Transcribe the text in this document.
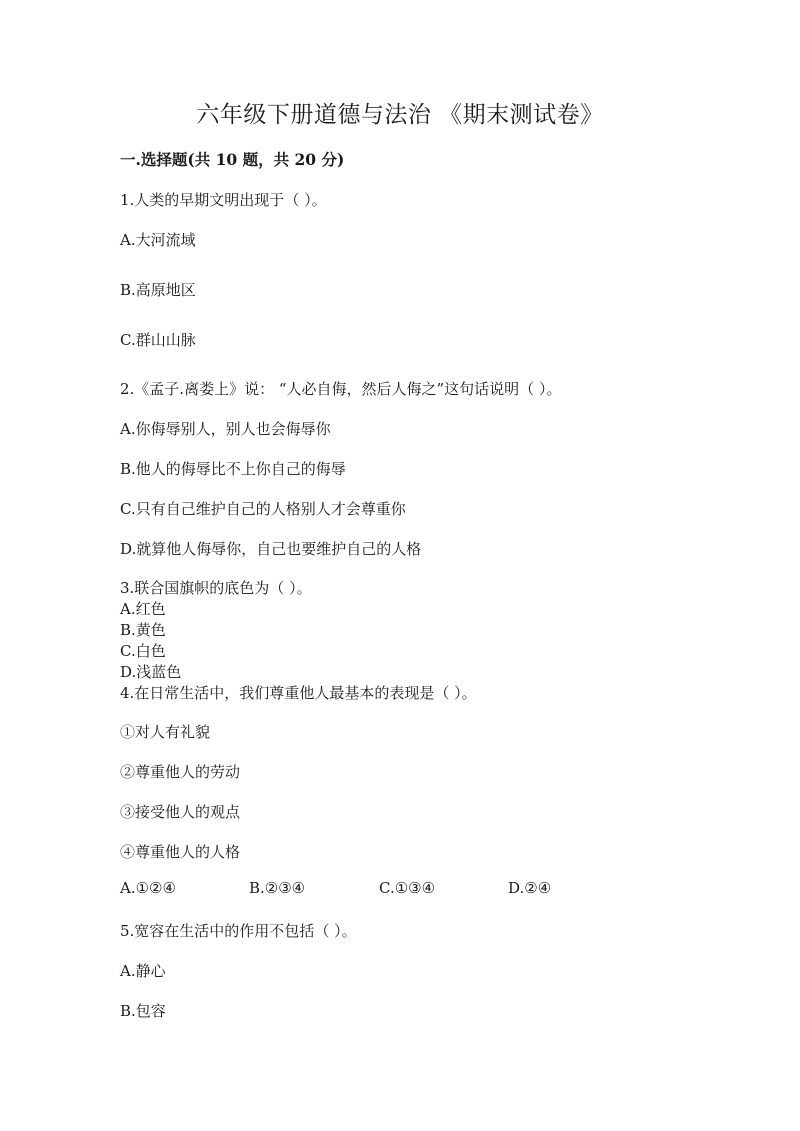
六年级下册道德与法治 《期末测试卷》
一.选择题(共 10 题，共 20 分)
1.人类的早期文明出现于（ ）。
A.大河流域
B.高原地区
C.群山山脉
2.《孟子.离娄上》说： “人必自侮，然后人侮之”这句话说明（ ）。
A.你侮辱别人，别人也会侮辱你
B.他人的侮辱比不上你自己的侮辱
C.只有自己维护自己的人格别人才会尊重你
D.就算他人侮辱你，自己也要维护自己的人格
3.联合国旗帜的底色为（ ）。
A.红色
B.黄色
C.白色
D.浅蓝色
4.在日常生活中，我们尊重他人最基本的表现是（ ）。
①对人有礼貌
②尊重他人的劳动
③接受他人的观点
④尊重他人的人格
A.①②④	B.②③④	C.①③④	D.②④
5.宽容在生活中的作用不包括（ ）。
A.静心
B.包容
